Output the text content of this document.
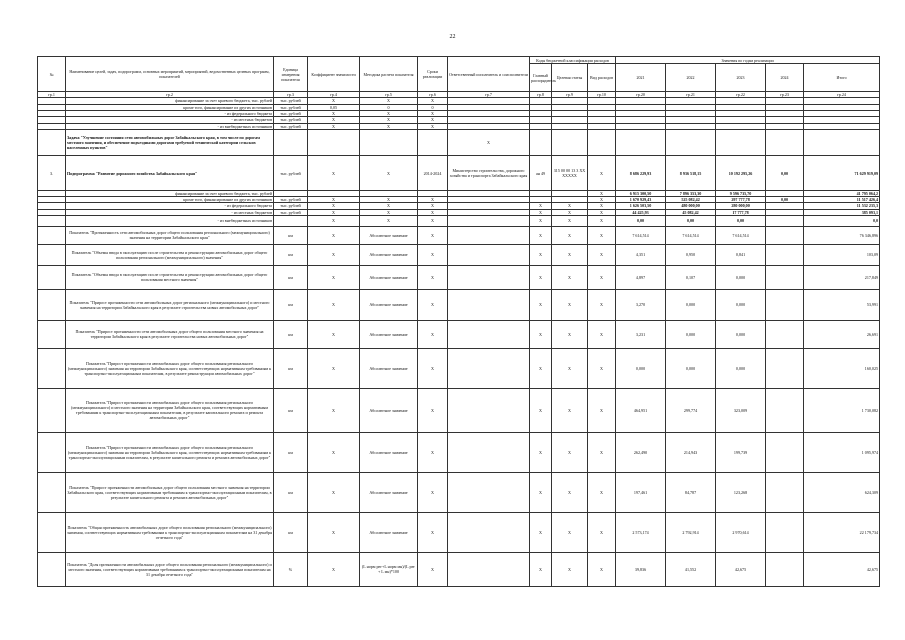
22
№	Наименование целей, задач, подпрограмм, основных мероприятий, мероприятий, ведомственных целевых программ, показателей	Единица измерения показателя	Коэффициент значимости	Методика расчета показателя	Сроки реализации	Ответственный исполнитель и соисполнители	Коды бюджетной классификации расходов			Значения по годам реализации				
							Главный распорядитель	Целевая статья	Вид расходов	2021	2022	2023	2024	Итого

гр.1	гр.2	гр.3	гр.4	гр.5	гр.6	гр.7	гр.8	гр.9	гр.10	гр.20	гр.21	гр.22	гр.23	гр.24
	финансирование за счет краевого бюджета, тыс. рублей	тыс. рублей	Х	Х	Х									
	кроме того, финансирование из других источников	тыс. рублей	0,05	0	0									
	- из федерального бюджета	тыс. рублей	Х	Х	Х									
	- из местных бюджетов	тыс. рублей	Х	Х	Х									
	- из внебюджетных источников	тыс. рублей	Х	Х	Х									
	Задача "Улучшение состояния сети автомобильных дорог Забайкальского края, в том числе по дорогам местного значения, и обеспечение подъездными дорогами требуемой технической категории сельских населенных пунктов"					Х								
3.	Подпрограмма "Развитие дорожного хозяйства Забайкальского края"	тыс. рублей	Х	Х	2014-2024	Министерство строительства, дорожного хозяйства и транспорта Забайкальского края	ан 49	315 00 00 13 3 XX XXXXX	Х	8 686 229,93	8 936 518,15	10 192 295,26	0,00	71 629 919,09
	финансирование за счет краевого бюджета, тыс. рублей								Х	6 915 300,50	7 896 353,30	9 596 735,70		41 795 064,2
	кроме того, финансирование из других источников	тыс. рублей	Х	Х	Х				Х	1 670 929,43	525 082,42	297 777,78	0,00	11 517 426,4
	- из федерального бюджета	тыс. рублей	Х	Х	Х		Х	Х	Х	1 626 503,50	480 000,00	280 000,00		11 532 235,3
	- из местных бюджетов	тыс. рублей	Х	Х	Х		Х	Х	Х	44 425,93	45 082,42	17 777,78		385 093,1
	- из внебюджетных источников		Х	Х	Х		Х	Х	Х	0,00	0,00	0,00		0,0
	Показатель "Протяженность сети автомобильных дорог общего пользования регионального (межмуниципального) значения на территории Забайкальского края"	км	Х	Абсолютное значение	Х		Х	Х	Х	7 614,514	7 614,514	7 614,514		76 346,896
	Показатель "Объемы ввода в эксплуатацию после строительства и реконструкции автомобильных дорог общего пользования регионального (межмуниципального) значения"	км	Х	Абсолютное значение	Х		Х	Х	Х	4,351	0,950	0,841		103,09
	Показатель "Объемы ввода в эксплуатацию после строительства и реконструкции автомобильных дорог общего пользования местного значения"	км	Х	Абсолютное значение	Х		Х	Х	Х	4,897	0,107	0,000		217,849
	Показатель "Прирост протяженности сети автомобильных дорог регионального (межмуниципального) и местного значения на территории Забайкальского края в результате строительства новых автомобильных дорог"	км	Х	Абсолютное значение	Х		Х	Х	Х	3,270	0,000	0,000		53,991
	Показатель "Прирост протяженности сети автомобильных дорог общего пользования местного значения на территории Забайкальского края в результате строительства новых автомобильных дорог"	км	Х	Абсолютное значение	Х		Х	Х	Х	3,231	0,000	0,000		26,691
	Показатель "Прирост протяженности автомобильных дорог общего пользования регионального (межмуниципального) значения на территории Забайкальского края, соответствующих нормативным требованиям к транспортно-эксплуатационным показателям, в результате реконструкции автомобильных дорог"	км	Х	Абсолютное значение	Х		Х	Х	Х	0,000	0,000	0,000		160,025
	Показатель "Прирост протяженности автомобильных дорог общего пользования регионального (межмуниципального) и местного значения на территории Забайкальского края, соответствующих нормативным требованиям к транспортно-эксплуатационным показателям, в результате капитального ремонта и ремонта автомобильных дорог"	км	Х	Абсолютное значение	Х		Х	Х	Х	464,951	299,774	323,009		1 730,082
	Показатель "Прирост протяженности автомобильных дорог общего пользования регионального (межмуниципального) значения на территории Забайкальского края, соответствующих нормативным требованиям к транспортно-эксплуатационным показателям, в результате капитального ремонта и ремонта автомобильных дорог"	км	Х	Абсолютное значение	Х		Х	Х	Х	262,490	214,943	199,739		1 095,974
	Показатель "Прирост протяженности автомобильных дорог общего пользования местного значения на территории Забайкальского края, соответствующих нормативным требованиям к транспортно-эксплуатационным показателям, в результате капитального ремонта и ремонта автомобильных дорог"	км	Х	Абсолютное значение	Х		Х	Х	Х	197,461	84,787	123,268		624,309
	Показатель "Общая протяженность автомобильных дорог общего пользования регионального (межмуниципального) значения, соответствующих нормативным требованиям к транспортно-эксплуатационным показателям на 31 декабря отчетного года"	км	Х	Абсолютное значение	Х		Х	Х	Х	2 573,174	2 792,914	2 970,614		22 179,734
	Показатель "Доля протяженности автомобильных дорог общего пользования регионального (межмуниципального) и местного значения, соответствующих нормативным требованиям к транспортно-эксплуатационным показателям на 31 декабря отчетного года"	%	Х	(L норм рег+L норм мн)/(L рег + L мн)*100	Х		Х	Х	Х	39,836	41,552	42,675		42,675
